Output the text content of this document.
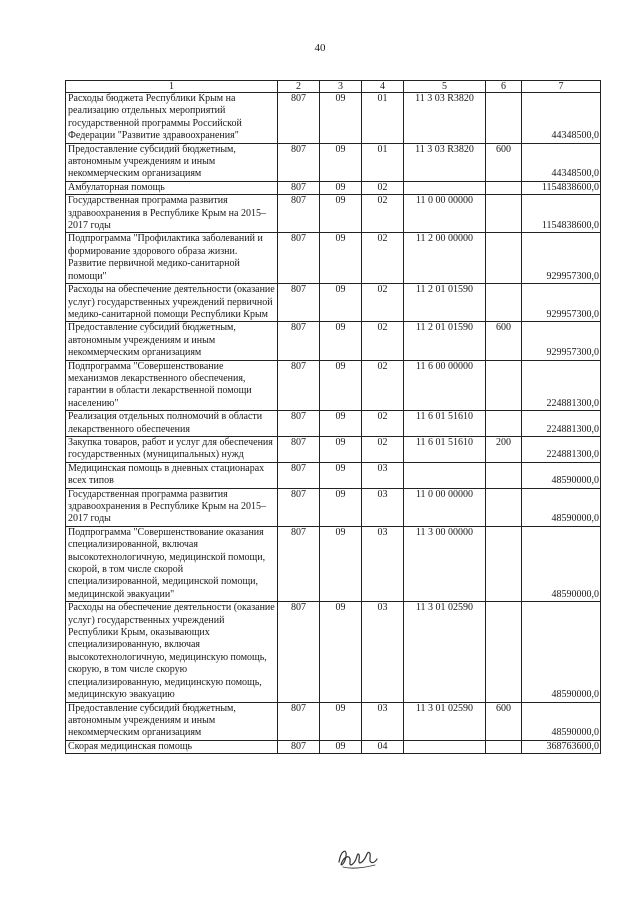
40
1	2	3	4	5	6	7
Расходы бюджета Республики Крым на реализацию отдельных мероприятий государственной программы Российской Федерации "Развитие здравоохранения"	807	09	01	11 3 03 R3820		44348500,0
Предоставление субсидий бюджетным, автономным учреждениям и иным некоммерческим организациям	807	09	01	11 3 03 R3820	600	44348500,0
Амбулаторная помощь	807	09	02			1154838600,0
Государственная программа развития здравоохранения в Республике Крым на 2015–2017 годы	807	09	02	11 0 00 00000		1154838600,0
Подпрограмма "Профилактика заболеваний и формирование здорового образа жизни. Развитие первичной медико-санитарной помощи"	807	09	02	11 2 00 00000		929957300,0
Расходы на обеспечение деятельности (оказание услуг) государственных учреждений первичной медико-санитарной помощи Республики Крым	807	09	02	11 2 01 01590		929957300,0
Предоставление субсидий бюджетным, автономным учреждениям и иным некоммерческим организациям	807	09	02	11 2 01 01590	600	929957300,0
Подпрограмма "Совершенствование механизмов лекарственного обеспечения, гарантии в области лекарственной помощи населению"	807	09	02	11 6 00 00000		224881300,0
Реализация отдельных полномочий в области лекарственного обеспечения	807	09	02	11 6 01 51610		224881300,0
Закупка товаров, работ и услуг для обеспечения государственных (муниципальных) нужд	807	09	02	11 6 01 51610	200	224881300,0
Медицинская помощь в дневных стационарах всех типов	807	09	03			48590000,0
Государственная программа развития здравоохранения в Республике Крым на 2015–2017 годы	807	09	03	11 0 00 00000		48590000,0
Подпрограмма "Совершенствование оказания специализированной, включая высокотехнологичную, медицинской помощи, скорой, в том числе скорой специализированной, медицинской помощи, медицинской эвакуации"	807	09	03	11 3 00 00000		48590000,0
Расходы на обеспечение деятельности (оказание услуг) государственных учреждений Республики Крым, оказывающих специализированную, включая высокотехнологичную, медицинскую помощь, скорую, в том числе скорую специализированную, медицинскую помощь, медицинскую эвакуацию	807	09	03	11 3 01 02590		48590000,0
Предоставление субсидий бюджетным, автономным учреждениям и иным некоммерческим организациям	807	09	03	11 3 01 02590	600	48590000,0
Скорая медицинская помощь	807	09	04			368763600,0
